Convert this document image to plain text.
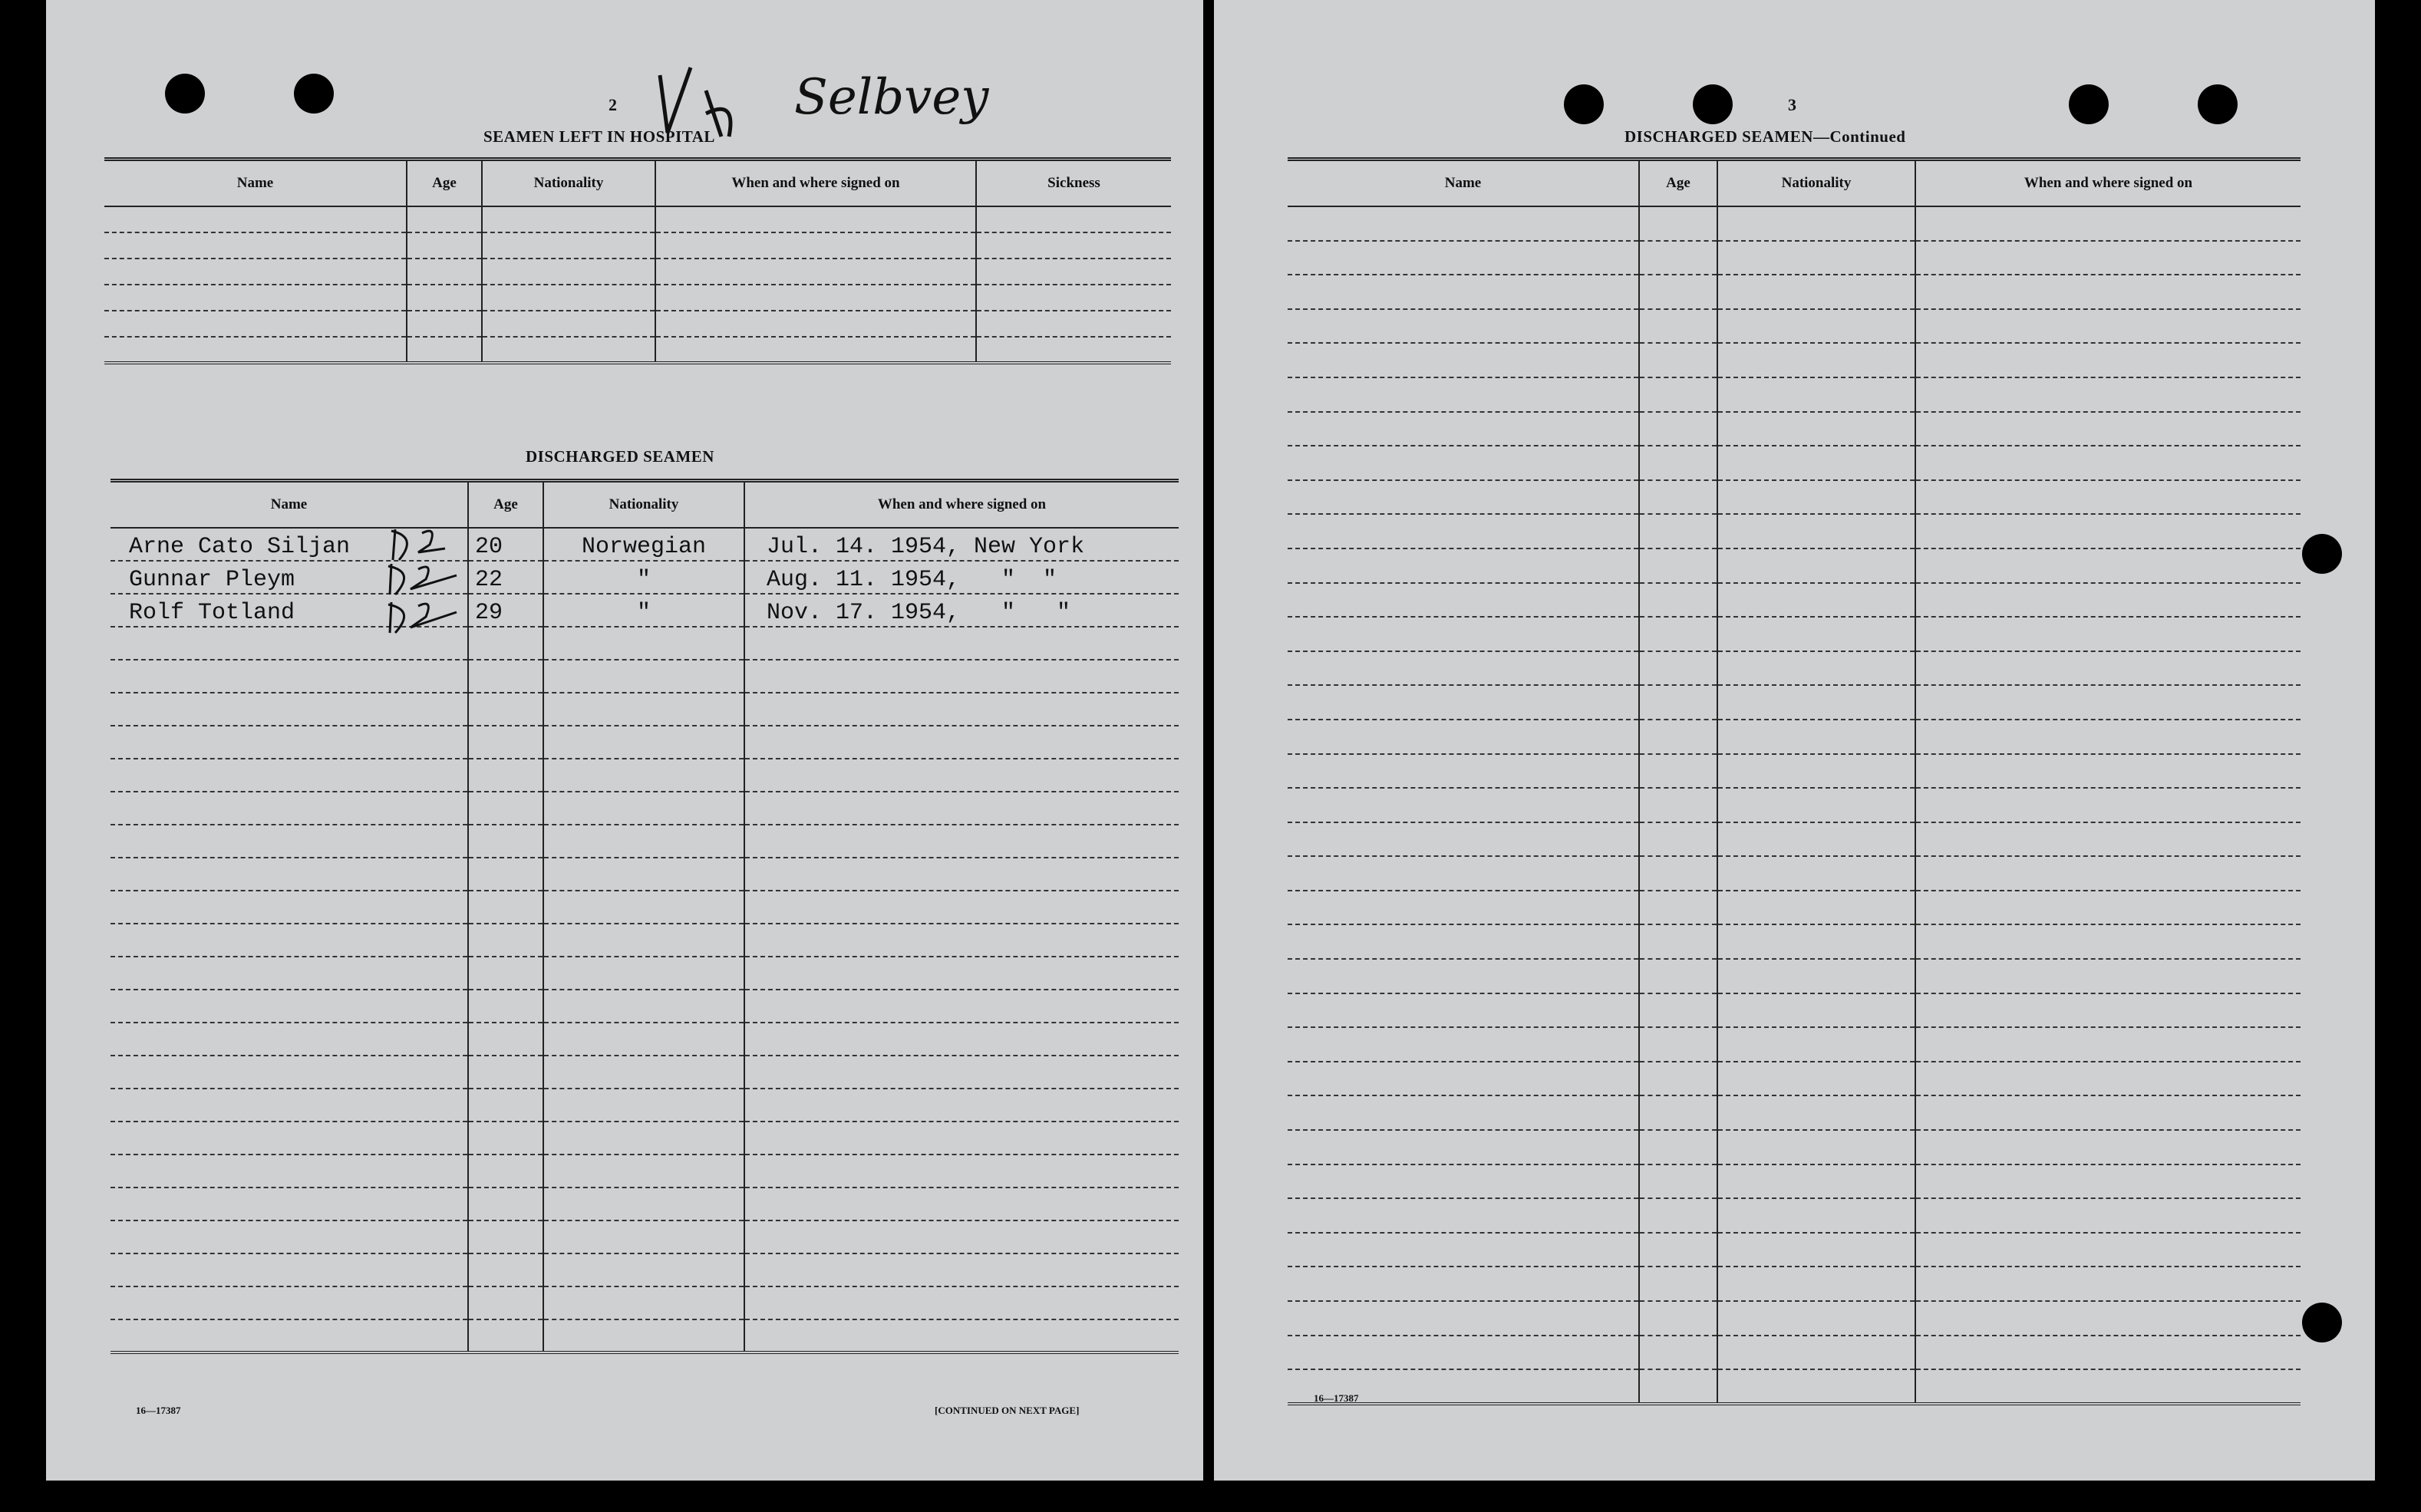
2	Selbvey
SEAMEN LEFT IN HOSPITAL
Name	Age	Nationality	When and where signed on	Sickness

DISCHARGED SEAMEN
Name	Age	Nationality	When and where signed on
Arne Cato Siljan	20	Norwegian	Jul. 14. 1954, New York
Gunnar Pleym	22	"	Aug. 11. 1954,   "  "
Rolf Totland	29	"	Nov. 17. 1954,   "   "

16—17387	[CONTINUED ON NEXT PAGE]
3
DISCHARGED SEAMEN—Continued
Name	Age	Nationality	When and where signed on

16—17387
